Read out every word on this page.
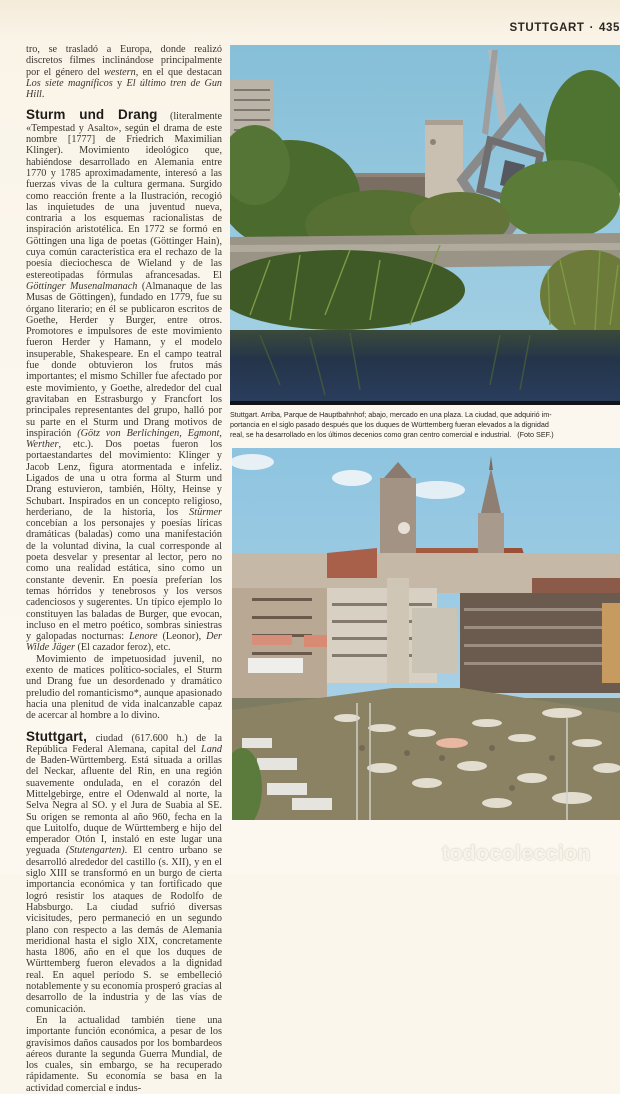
STUTTGART · 435

tro, se trasladó a Europa, donde realizó discretos filmes inclinándose principalmente por el género del western, en el que destacan Los siete magníficos y El último tren de Gun Hill.

Sturm und Drang (literalmente «Tempestad y Asalto», según el drama de este nombre [1777] de Friedrich Maximilian Klinger). Movimiento ideológico que, habiéndose desarrollado en Alemania entre 1770 y 1785 aproximadamente, interesó a las fuerzas vivas de la cultura germana. Surgido como reacción frente a la Ilustración, recogió las inquietudes de una juventud nueva, contraria a los esquemas racionalistas de inspiración aristotélica. En 1772 se formó en Göttingen una liga de poetas (Göttinger Hain), cuya común característica era el rechazo de la poesía dieciochesca de Wieland y de las estereotipadas fórmulas afrancesadas. El Göttinger Musenalmanach (Almanaque de las Musas de Göttingen), fundado en 1779, fue su órgano literario; en él se publicaron escritos de Goethe, Herder y Burger, entre otros. Promotores e impulsores de este movimiento fueron Herder y Hamann, y el modelo insuperable, Shakespeare. En el campo teatral fue donde obtuvieron los frutos más importantes; el mismo Schiller fue afectado por este movimiento, y Goethe, alrededor del cual gravitaban en Estrasburgo y Francfort los principales representantes del grupo, halló por su parte en el Sturm und Drang motivos de inspiración (Götz von Berlichingen, Egmont, Werther, etc.). Dos poetas fueron los portaestandartes del movimiento: Klinger y Jacob Lenz, figura atormentada e infeliz. Ligados de una u otra forma al Sturm und Drang estuvieron, también, Hölty, Heinse y Schubart. Inspirados en un concepto religioso, herderiano, de la historia, los Stürmer concebían a los personajes y poesías líricas dramáticas (baladas) como una manifestación de la voluntad divina, la cual corresponde al poeta desvelar y presentar al lector, pero no como una realidad estática, sino como un constante devenir. En poesía preferían los temas hórridos y tenebrosos y los versos cadenciosos y sugerentes. Un típico ejemplo lo constituyen las baladas de Burger, que evocan, incluso en el metro poético, sombras siniestras y galopadas nocturnas: Lenore (Leonor), Der Wilde Jäger (El cazador feroz), etc.

Movimiento de impetuosidad juvenil, no exento de matices político-sociales, el Sturm und Drang fue un desordenado y dramático preludio del romanticismo*, aunque apasionado hacia una plenitud de vida inalcanzable capaz de acercar al hombre a lo divino.

Stuttgart, ciudad (617.600 h.) de la República Federal Alemana, capital del Land de Baden-Württemberg. Está situada a orillas del Neckar, afluente del Rin, en una región suavemente ondulada, en el corazón del Mittelgebirge, entre el Odenwald al norte, la Selva Negra al SO. y el Jura de Suabia al SE. Su origen se remonta al año 960, fecha en la que Luitolfo, duque de Württemberg e hijo del emperador Otón I, instaló en este lugar una yeguada (Stutengarten). El centro urbano se desarrolló alrededor del castillo (s. XII), y en el siglo XIII se transformó en un burgo de cierta importancia económica y tan fortificado que logró resistir los ataques de Rodolfo de Habsburgo. La ciudad sufrió diversas vicisitudes, pero permaneció en un segundo plano con respecto a las demás de Alemania meridional hasta el siglo XIX, concretamente hasta 1806, año en el que los duques de Württemberg fueron elevados a la dignidad real. En aquel período S. se embelleció notablemente y su economía prosperó gracias al desarrollo de la industria y de las vías de comunicación.

En la actualidad también tiene una importante función económica, a pesar de los gravísimos daños causados por los bombardeos aéreos durante la segunda Guerra Mundial, de los cuales, sin embargo, se ha recuperado rápidamente. Su economía se basa en la actividad comercial e indus-

Stuttgart. Arriba, Parque de Hauptbahnhof; abajo, mercado en una plaza. La ciudad, que adquirió im-
portancia en el siglo pasado después que los duques de Württemberg fueran elevados a la dignidad
real, se ha desarrollado en los últimos decenios como gran centro comercial e industrial. (Foto SEF.)
todocoleccion
